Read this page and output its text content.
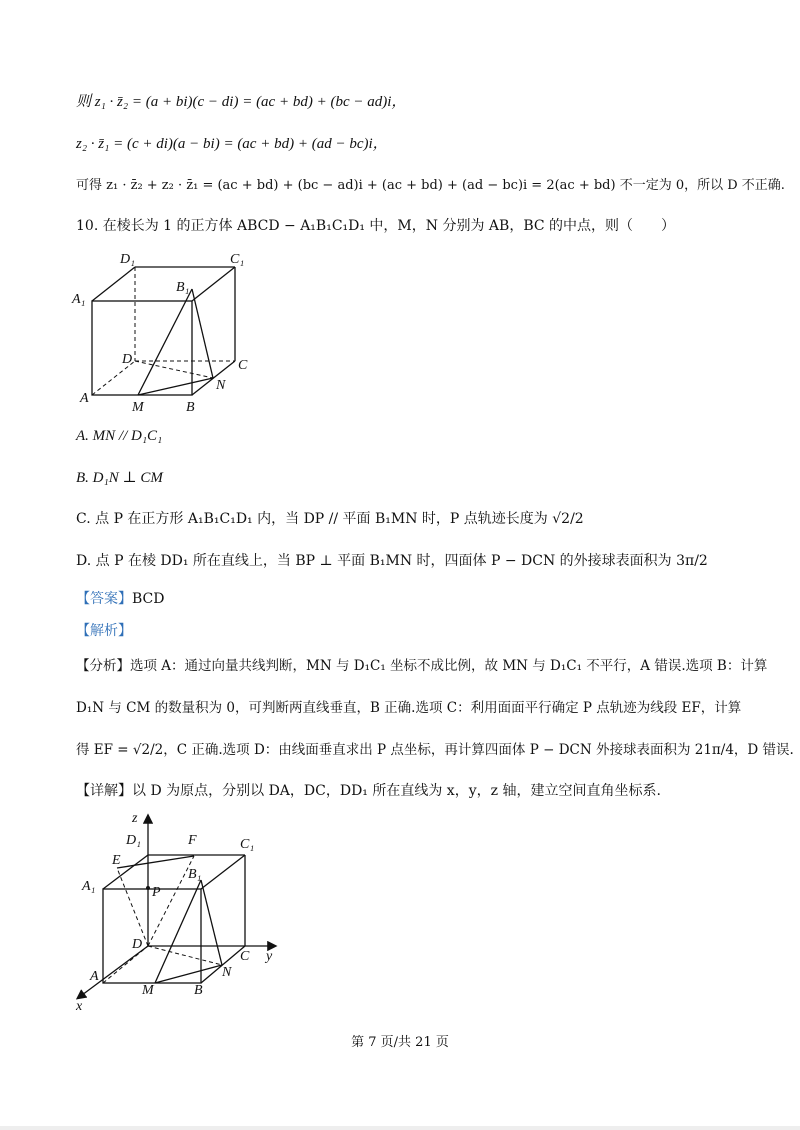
则 z₁ · z̄₂ = (a + bi)(c − di) = (ac + bd) + (bc − ad)i，
z₂ · z̄₁ = (c + di)(a − bi) = (ac + bd) + (ad − bc)i，
可得 z₁ · z̄₂ + z₂ · z̄₁ = (ac + bd) + (bc − ad)i + (ac + bd) + (ad − bc)i = 2(ac + bd) 不一定为 0，所以 D 不正确.
10. 在棱长为 1 的正方体 ABCD − A₁B₁C₁D₁ 中，M，N 分别为 AB，BC 的中点，则（　　）
D₁	C₁
A₁
B₁
D	C
N
A
M	B
A. MN // D₁C₁
B. D₁N ⊥ CM
C. 点 P 在正方形 A₁B₁C₁D₁ 内，当 DP // 平面 B₁MN 时，P 点轨迹长度为 √2/2
D. 点 P 在棱 DD₁ 所在直线上，当 BP ⊥ 平面 B₁MN 时，四面体 P − DCN 的外接球表面积为 3π/2
【答案】BCD
【解析】
【分析】选项 A：通过向量共线判断，MN 与 D₁C₁ 坐标不成比例，故 MN 与 D₁C₁ 不平行，A 错误.选项 B：计算
D₁N 与 CM 的数量积为 0，可判断两直线垂直，B 正确.选项 C：利用面面平行确定 P 点轨迹为线段 EF，计算
得 EF = √2/2，C 正确.选项 D：由线面垂直求出 P 点坐标，再计算四面体 P − DCN 外接球表面积为 21π/4，D 错误.
【详解】以 D 为原点，分别以 DA，DC，DD₁ 所在直线为 x，y，z 轴，建立空间直角坐标系.
z
D₁	F	C₁
E
A₁
B₁
P
D
y
C
N
A
M	B
x
第 7 页/共 21 页
